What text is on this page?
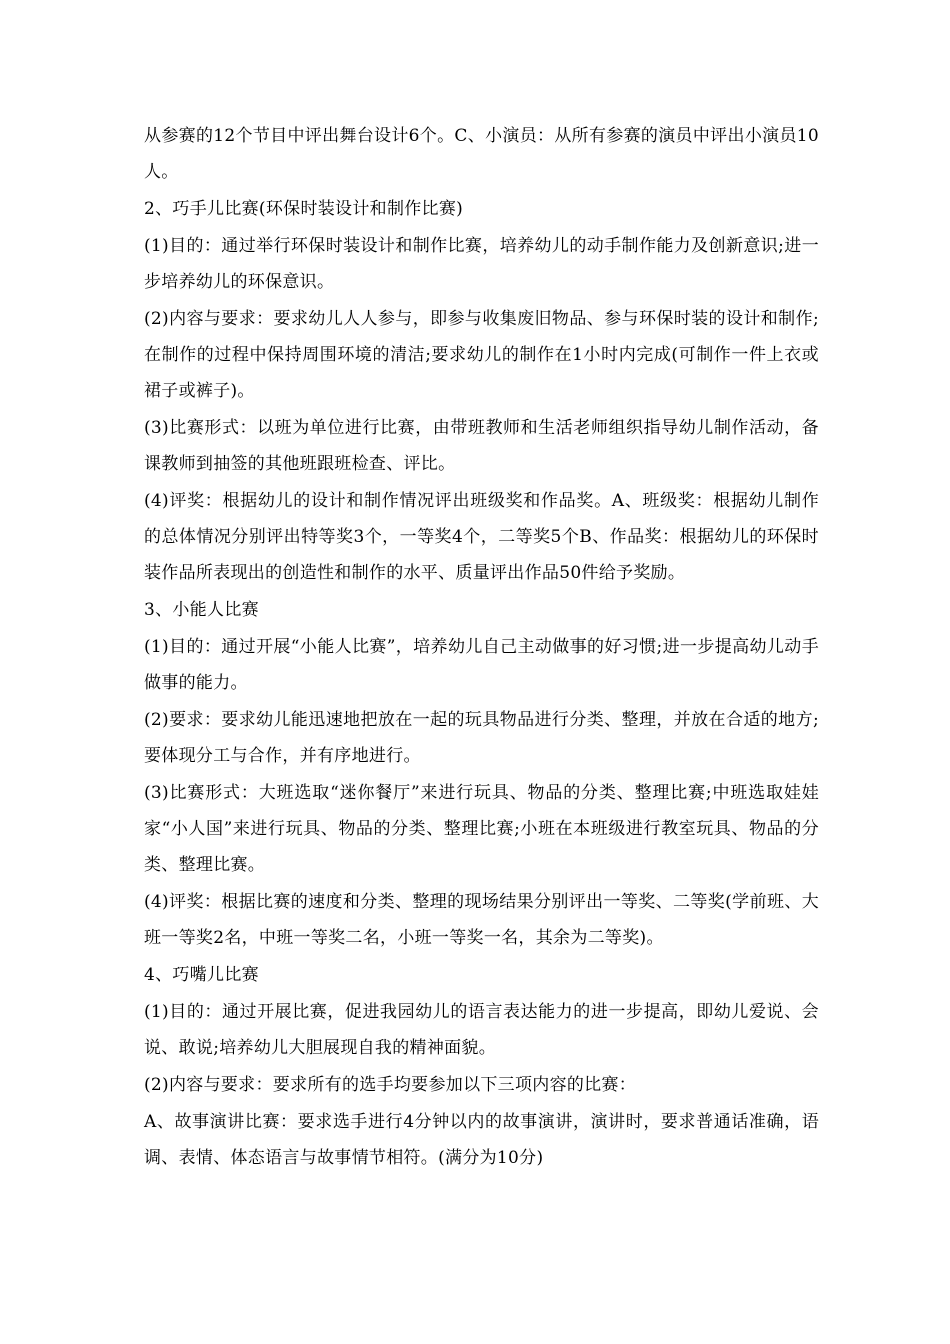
从参赛的12个节目中评出舞台设计6个。C、小演员：从所有参赛的演员中评出小演员10人。

2、巧手儿比赛(环保时装设计和制作比赛)

(1)目的：通过举行环保时装设计和制作比赛，培养幼儿的动手制作能力及创新意识;进一步培养幼儿的环保意识。

(2)内容与要求：要求幼儿人人参与，即参与收集废旧物品、参与环保时装的设计和制作;在制作的过程中保持周围环境的清洁;要求幼儿的制作在1小时内完成(可制作一件上衣或裙子或裤子)。

(3)比赛形式：以班为单位进行比赛，由带班教师和生活老师组织指导幼儿制作活动，备课教师到抽签的其他班跟班检查、评比。

(4)评奖：根据幼儿的设计和制作情况评出班级奖和作品奖。A、班级奖：根据幼儿制作的总体情况分别评出特等奖3个，一等奖4个，二等奖5个B、作品奖：根据幼儿的环保时装作品所表现出的创造性和制作的水平、质量评出作品50件给予奖励。

3、小能人比赛

(1)目的：通过开展“小能人比赛”，培养幼儿自己主动做事的好习惯;进一步提高幼儿动手做事的能力。

(2)要求：要求幼儿能迅速地把放在一起的玩具物品进行分类、整理，并放在合适的地方;要体现分工与合作，并有序地进行。

(3)比赛形式：大班选取“迷你餐厅”来进行玩具、物品的分类、整理比赛;中班选取娃娃家“小人国”来进行玩具、物品的分类、整理比赛;小班在本班级进行教室玩具、物品的分类、整理比赛。

(4)评奖：根据比赛的速度和分类、整理的现场结果分别评出一等奖、二等奖(学前班、大班一等奖2名，中班一等奖二名，小班一等奖一名，其余为二等奖)。

4、巧嘴儿比赛

(1)目的：通过开展比赛，促进我园幼儿的语言表达能力的进一步提高，即幼儿爱说、会说、敢说;培养幼儿大胆展现自我的精神面貌。

(2)内容与要求：要求所有的选手均要参加以下三项内容的比赛：

A、故事演讲比赛：要求选手进行4分钟以内的故事演讲，演讲时，要求普通话准确，语调、表情、体态语言与故事情节相符。(满分为10分)
